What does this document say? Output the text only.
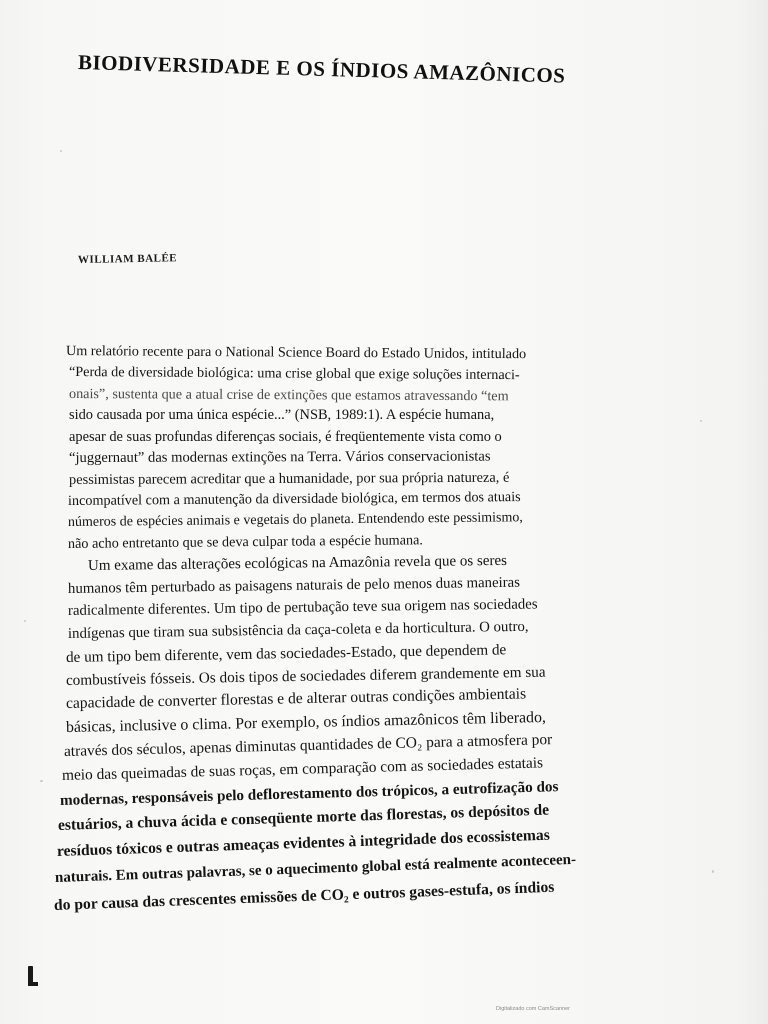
BIODIVERSIDADE E OS ÍNDIOS AMAZÔNICOS
WILLIAM BALÉE
Um relatório recente para o National Science Board do Estado Unidos, intitulado
“Perda de diversidade biológica: uma crise global que exige soluções internaci-
onais”, sustenta que a atual crise de extinções que estamos atravessando “tem
sido causada por uma única espécie...” (NSB, 1989:1). A espécie humana,
apesar de suas profundas diferenças sociais, é freqüentemente vista como o
“juggernaut” das modernas extinções na Terra. Vários conservacionistas
pessimistas parecem acreditar que a humanidade, por sua própria natureza, é
incompatível com a manutenção da diversidade biológica, em termos dos atuais
números de espécies animais e vegetais do planeta. Entendendo este pessimismo,
não acho entretanto que se deva culpar toda a espécie humana.
Um exame das alterações ecológicas na Amazônia revela que os seres
humanos têm perturbado as paisagens naturais de pelo menos duas maneiras
radicalmente diferentes. Um tipo de pertubação teve sua origem nas sociedades
indígenas que tiram sua subsistência da caça-coleta e da horticultura. O outro,
de um tipo bem diferente, vem das sociedades-Estado, que dependem de
combustíveis fósseis. Os dois tipos de sociedades diferem grandemente em sua
capacidade de converter florestas e de alterar outras condições ambientais
básicas, inclusive o clima. Por exemplo, os índios amazônicos têm liberado,
através dos séculos, apenas diminutas quantidades de CO₂ para a atmosfera por
meio das queimadas de suas roças, em comparação com as sociedades estatais
modernas, responsáveis pelo deflorestamento dos trópicos, a eutrofização dos
estuários, a chuva ácida e conseqüente morte das florestas, os depósitos de
resíduos tóxicos e outras ameaças evidentes à integridade dos ecossistemas
naturais. Em outras palavras, se o aquecimento global está realmente aconteceen-
do por causa das crescentes emissões de CO₂ e outros gases-estufa, os índios
Digitalizado com CamScanner
